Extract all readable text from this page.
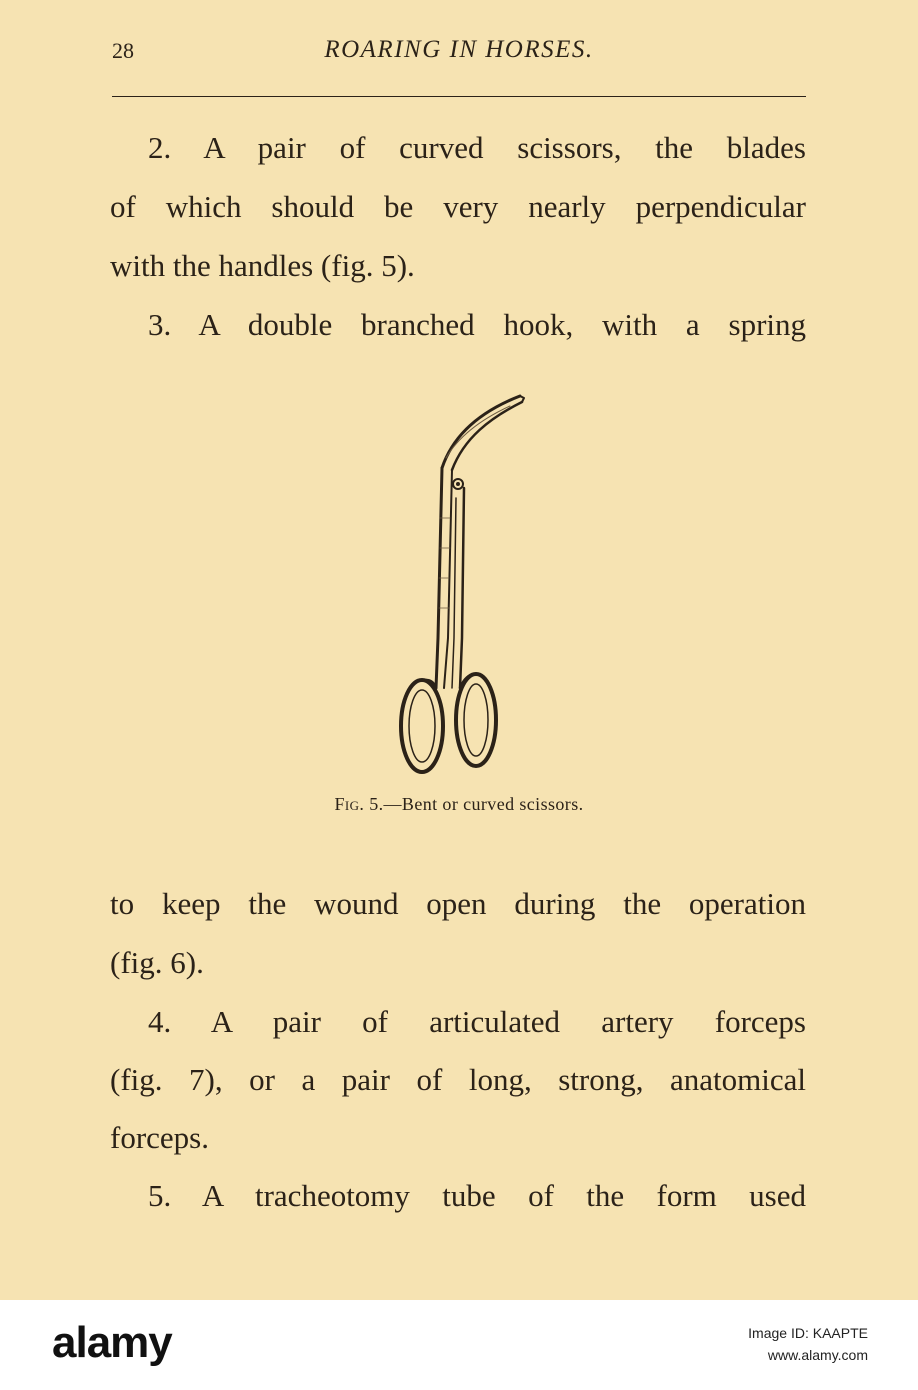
28	ROARING IN HORSES.
2. A pair of curved scissors, the blades
of which should be very nearly perpendicular
with the handles (fig. 5).
3. A double branched hook, with a spring
Fig. 5.—Bent or curved scissors.
to keep the wound open during the operation
(fig. 6).
4. A pair of articulated artery forceps
(fig. 7), or a pair of long, strong, anatomical
forceps.
5. A tracheotomy tube of the form used
alamy	Image ID: KAAPTE
www.alamy.com
